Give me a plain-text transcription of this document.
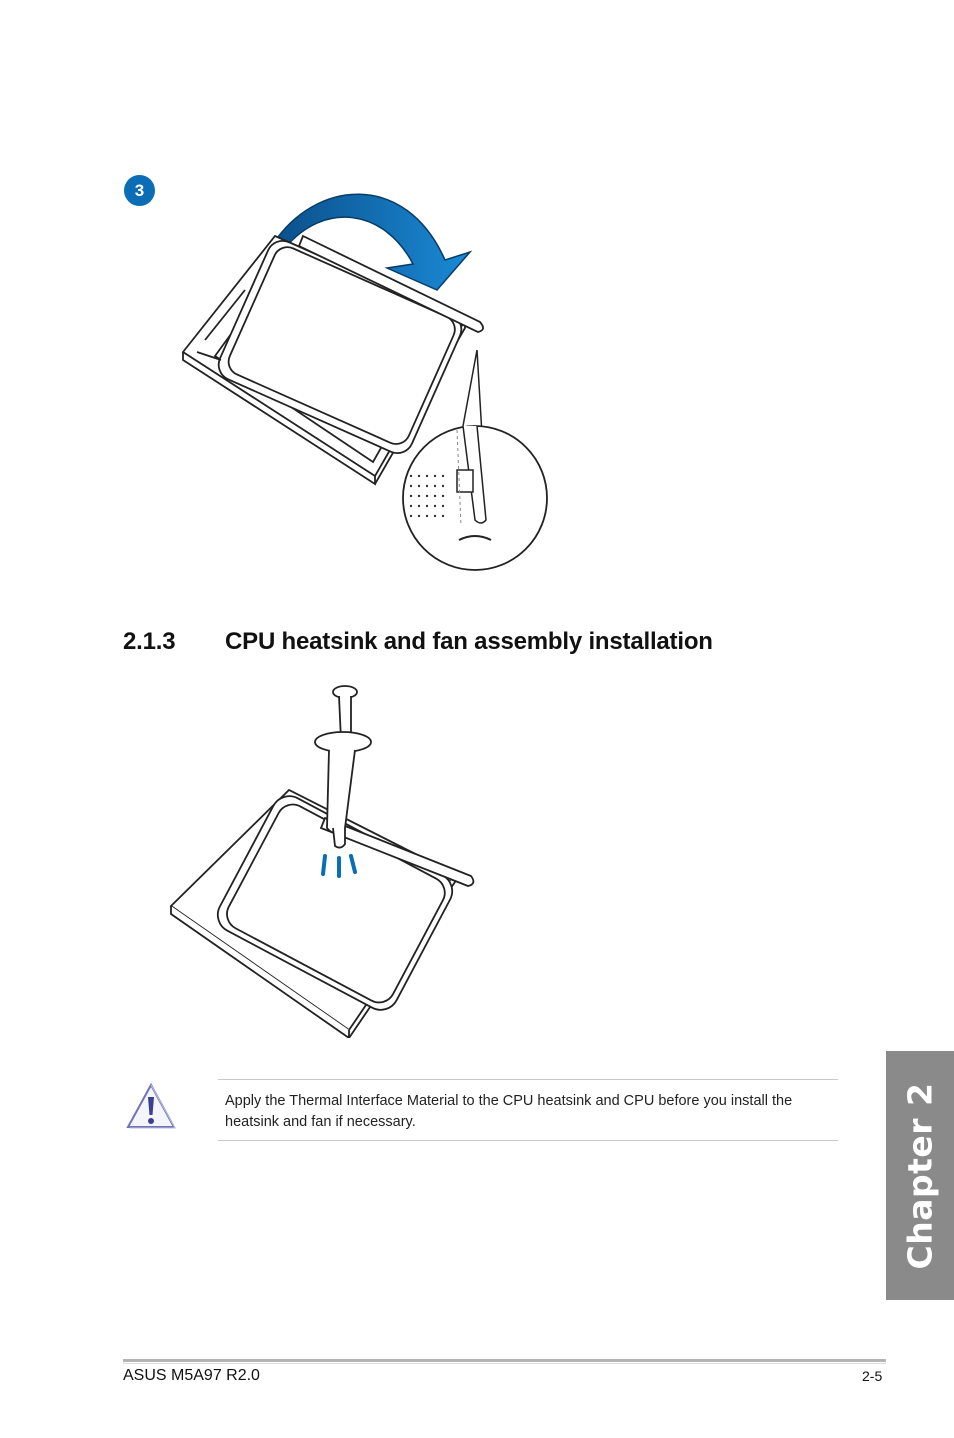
3
2.1.3 CPU heatsink and fan assembly installation
Apply the Thermal Interface Material to the CPU heatsink and CPU before you install the heatsink and fan if necessary.	Chapter 2
ASUS M5A97 R2.0	2-5
